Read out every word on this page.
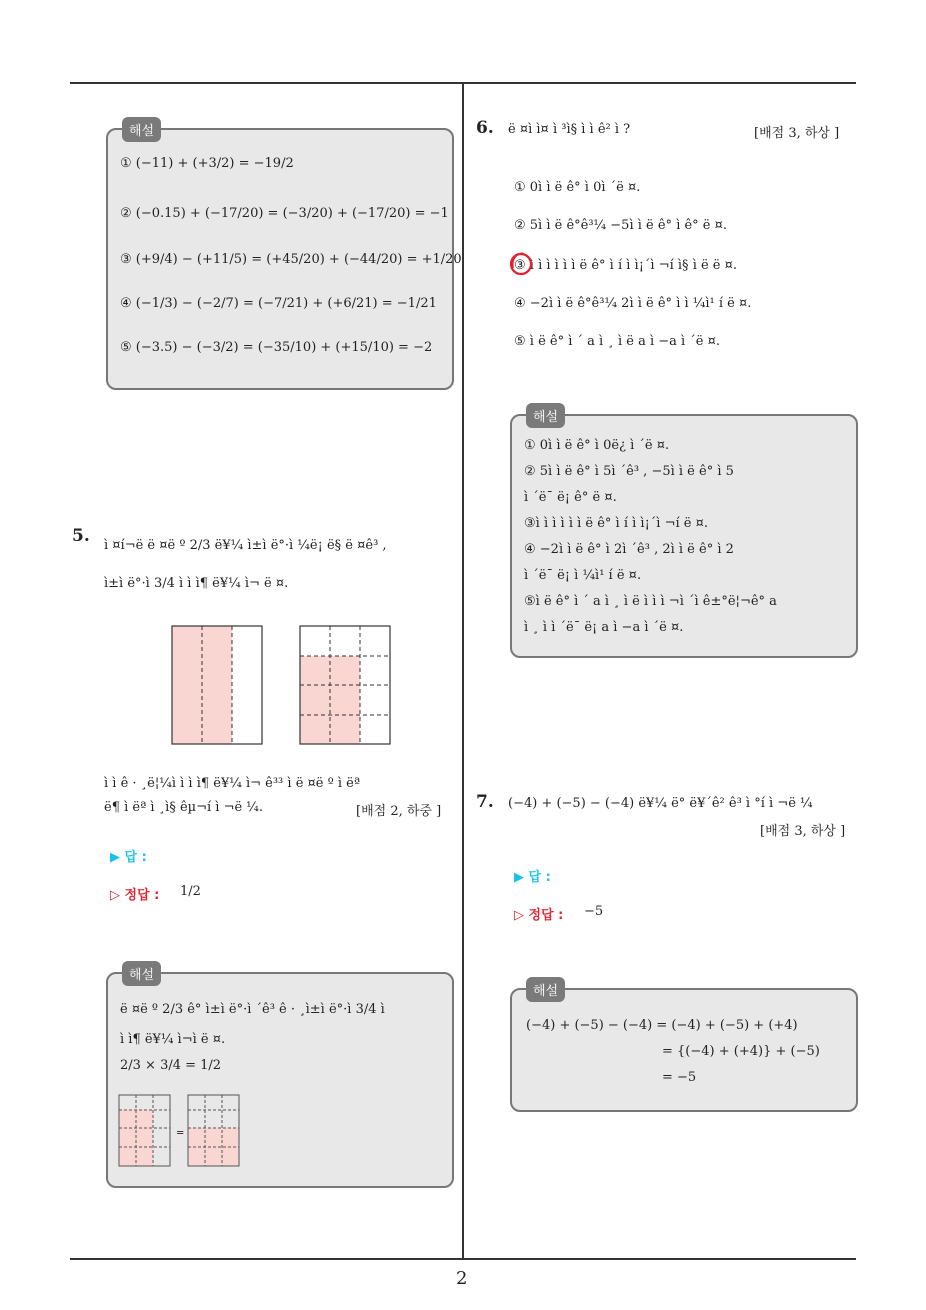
2
해설
① (−11) + (+3/2) = −19/2
② (−0.15) + (−17/20) = (−3/20) + (−17/20) = −1
③ (+9/4) − (+11/5) = (+45/20) + (−44/20) = +1/20
④ (−1/3) − (−2/7) = (−7/21) + (+6/21) = −1/21
⑤ (−3.5) − (−3/2) = (−35/10) + (+15/10) = −2
5. ì ¤í¬ë ë ¤ë º 2/3 ë¥¼ ì±ì ë°·ì ¼ë¡ ë§ ë ¤ê³ ,
ì±ì ë°·ì 3/4 ì ì ì¶ ë¥¼ ì¬ ë ¤.
ì ì ê · ¸ë¦¼ì ì ì ì¶ ë¥¼ ì¬ ê³³ ì ë ¤ë º ì ëª
ë¶ ì ëª ì ¸ì§ êµ¬í ì ¬ë ¼.	[배점 2, 하중 ]
▶ 답 :
▷ 정답 : 1/2
해설
ë ¤ë º 2/3 ê° ì±ì ë°·ì ´ê³ ê · ¸ì±ì ë°·ì 3/4 ì
ì ì¶ ë¥¼ ì¬ì ë ¤.
2/3 × 3/4 = 1/2
=
6. ë ¤ì ì¤ ì ³ì§ ì ì ê² ì ?	[배점 3, 하상 ]
① 0ì ì ë ê° ì 0ì ´ë ¤.
② 5ì ì ë ê°ê³¼ −5ì ì ë ê° ì ê° ë ¤.
③ ì ì ì ì ì ì ë ê° ì í ì ì¡´ì ¬í ì§ ì ë ë ¤.
④ −2ì ì ë ê°ê³¼ 2ì ì ë ê° ì ì ¼ì¹ í ë ¤.
⑤ ì ë ê° ì ´ a ì ¸ ì ë a ì −a ì ´ë ¤.
해설
① 0ì ì ë ê° ì 0ë¿ ì ´ë ¤.
② 5ì ì ë ê° ì 5ì ´ê³ , −5ì ì ë ê° ì 5
ì ´ë¯ ë¡ ê° ë ¤.
③ì ì ì ì ì ì ë ê° ì í ì ì¡´ì ¬í ë ¤.
④ −2ì ì ë ê° ì 2ì ´ê³ , 2ì ì ë ê° ì 2
ì ´ë¯ ë¡ ì ¼ì¹ í ë ¤.
⑤ì ë ê° ì ´ a ì ¸ ì ë ì ì ì ¬ì ´ì ê±°ë¦¬ê° a
ì ¸ ì ì ´ë¯ ë¡ a ì −a ì ´ë ¤.
7. (−4) + (−5) − (−4) ë¥¼ ë° ë¥´ê² ê³ ì °í ì ¬ë ¼
[배점 3, 하상 ]
▶ 답 :
▷ 정답 : −5
해설
(−4) + (−5) − (−4) = (−4) + (−5) + (+4)
= {(−4) + (+4)} + (−5)
= −5
